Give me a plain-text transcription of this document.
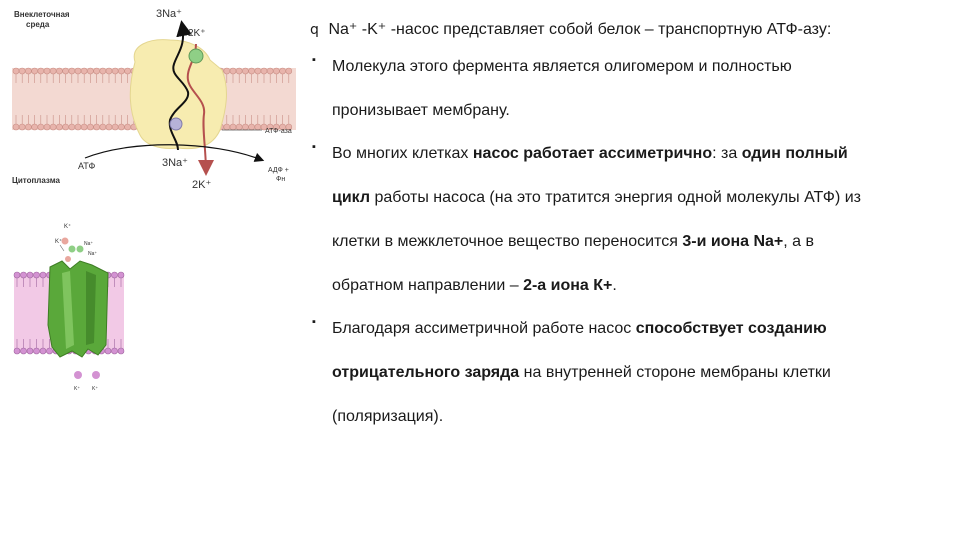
Внеклеточная
среда
Цитоплазма
3Na⁺
2K⁺
АТФ-аза
АТФ	3Na⁺
АДФ +
Фн
2K⁺
K⁺
Na⁺
K⁺
Na⁺
K⁺ K⁺

q Na⁺ -K⁺ -насос представляет собой белок – транспортную АТФ-азу:

▪ Молекула этого фермента является олигомером и полностью
пронизывает мембрану.
▪ Во многих клетках насос работает ассиметрично: за один полный
цикл работы насоса (на это тратится энергия одной молекулы АТФ) из
клетки в межклеточное вещество переносится 3-и иона Na+, а в
обратном направлении – 2-а иона К+.
▪ Благодаря ассиметричной работе насос способствует созданию
отрицательного заряда на внутренней стороне мембраны клетки
(поляризация).
